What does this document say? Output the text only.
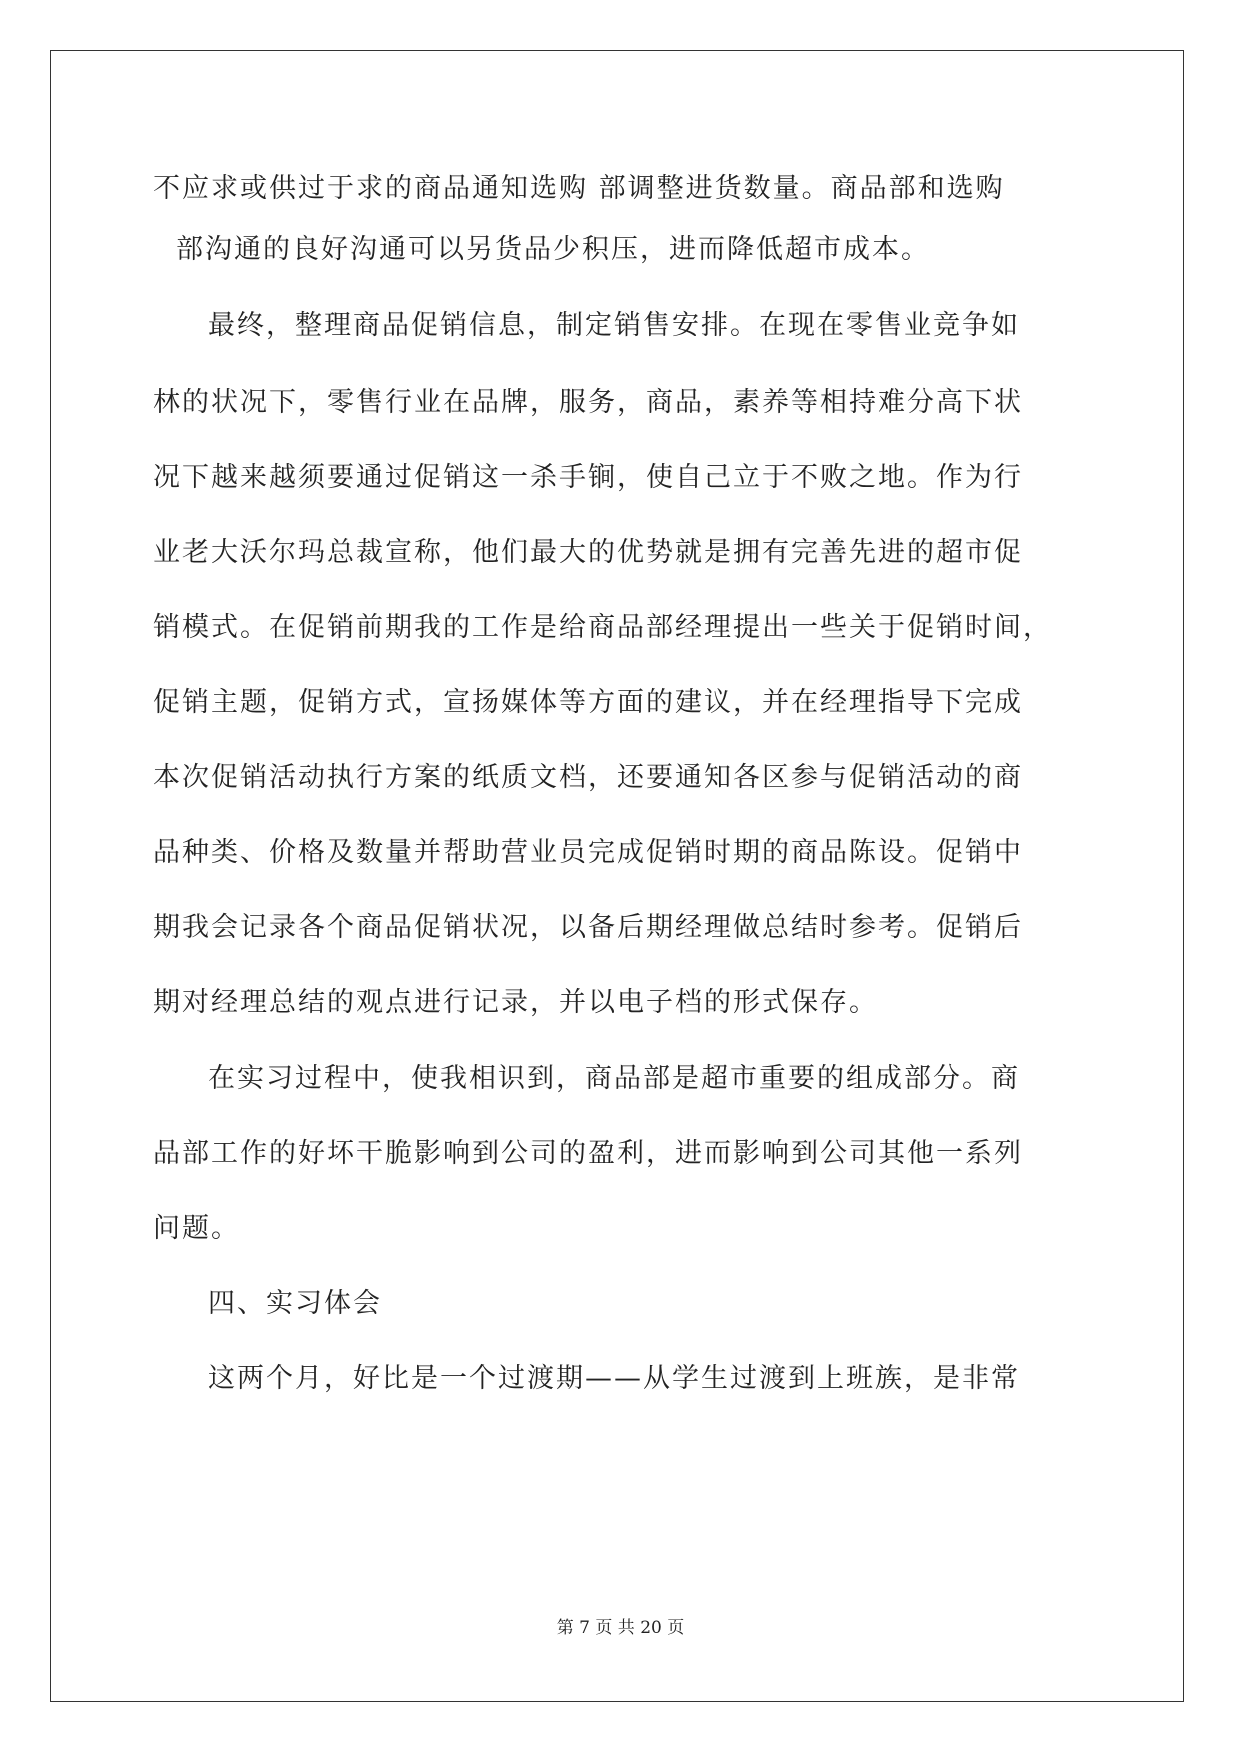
不应求或供过于求的商品通知选购 部调整进货数量。商品部和选购
部沟通的良好沟通可以另货品少积压，进而降低超市成本。
最终，整理商品促销信息，制定销售安排。在现在零售业竞争如
林的状况下，零售行业在品牌，服务，商品，素养等相持难分高下状
况下越来越须要通过促销这一杀手锏，使自己立于不败之地。作为行
业老大沃尔玛总裁宣称，他们最大的优势就是拥有完善先进的超市促
销模式。在促销前期我的工作是给商品部经理提出一些关于促销时间，
促销主题，促销方式，宣扬媒体等方面的建议，并在经理指导下完成
本次促销活动执行方案的纸质文档，还要通知各区参与促销活动的商
品种类、价格及数量并帮助营业员完成促销时期的商品陈设。促销中
期我会记录各个商品促销状况，以备后期经理做总结时参考。促销后
期对经理总结的观点进行记录，并以电子档的形式保存。
在实习过程中，使我相识到，商品部是超市重要的组成部分。商
品部工作的好坏干脆影响到公司的盈利，进而影响到公司其他一系列
问题。
四、实习体会
这两个月，好比是一个过渡期——从学生过渡到上班族，是非常
第 7 页 共 20 页
